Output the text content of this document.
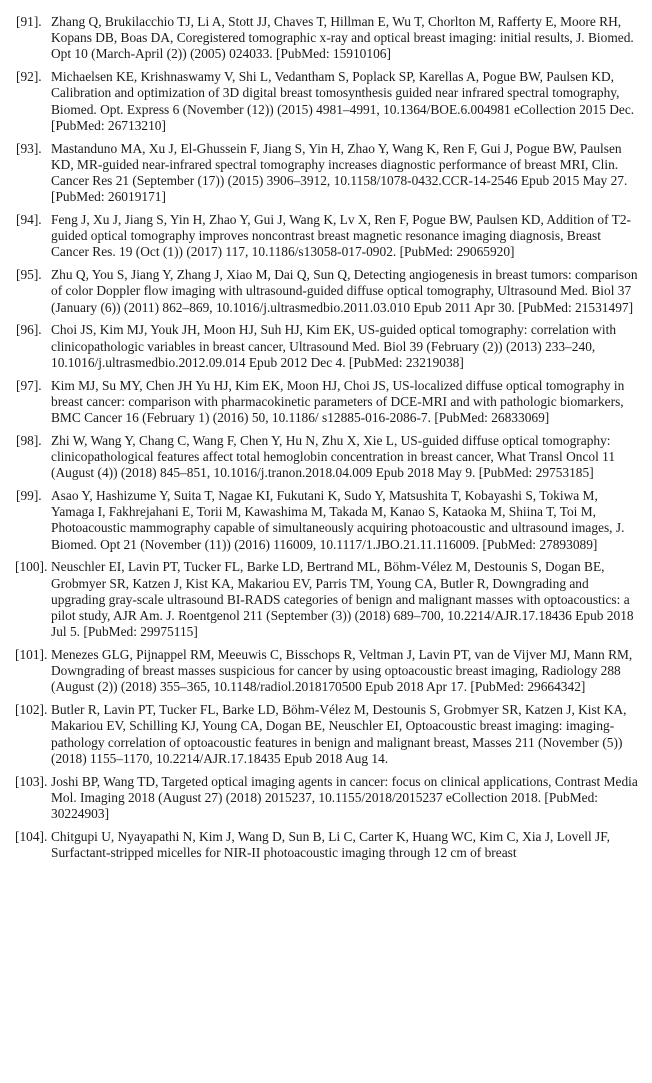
[91]. Zhang Q, Brukilacchio TJ, Li A, Stott JJ, Chaves T, Hillman E, Wu T, Chorlton M, Rafferty E, Moore RH, Kopans DB, Boas DA, Coregistered tomographic x-ray and optical breast imaging: initial results, J. Biomed. Opt 10 (March-April (2)) (2005) 024033. [PubMed: 15910106]
[92]. Michaelsen KE, Krishnaswamy V, Shi L, Vedantham S, Poplack SP, Karellas A, Pogue BW, Paulsen KD, Calibration and optimization of 3D digital breast tomosynthesis guided near infrared spectral tomography, Biomed. Opt. Express 6 (November (12)) (2015) 4981–4991, 10.1364/BOE.6.004981 eCollection 2015 Dec. [PubMed: 26713210]
[93]. Mastanduno MA, Xu J, El-Ghussein F, Jiang S, Yin H, Zhao Y, Wang K, Ren F, Gui J, Pogue BW, Paulsen KD, MR-guided near-infrared spectral tomography increases diagnostic performance of breast MRI, Clin. Cancer Res 21 (September (17)) (2015) 3906–3912, 10.1158/1078-0432.CCR-14-2546 Epub 2015 May 27. [PubMed: 26019171]
[94]. Feng J, Xu J, Jiang S, Yin H, Zhao Y, Gui J, Wang K, Lv X, Ren F, Pogue BW, Paulsen KD, Addition of T2-guided optical tomography improves noncontrast breast magnetic resonance imaging diagnosis, Breast Cancer Res. 19 (Oct (1)) (2017) 117, 10.1186/s13058-017-0902. [PubMed: 29065920]
[95]. Zhu Q, You S, Jiang Y, Zhang J, Xiao M, Dai Q, Sun Q, Detecting angiogenesis in breast tumors: comparison of color Doppler flow imaging with ultrasound-guided diffuse optical tomography, Ultrasound Med. Biol 37 (January (6)) (2011) 862–869, 10.1016/j.ultrasmedbio.2011.03.010 Epub 2011 Apr 30. [PubMed: 21531497]
[96]. Choi JS, Kim MJ, Youk JH, Moon HJ, Suh HJ, Kim EK, US-guided optical tomography: correlation with clinicopathologic variables in breast cancer, Ultrasound Med. Biol 39 (February (2)) (2013) 233–240, 10.1016/j.ultrasmedbio.2012.09.014 Epub 2012 Dec 4. [PubMed: 23219038]
[97]. Kim MJ, Su MY, Chen JH Yu HJ, Kim EK, Moon HJ, Choi JS, US-localized diffuse optical tomography in breast cancer: comparison with pharmacokinetic parameters of DCE-MRI and with pathologic biomarkers, BMC Cancer 16 (February 1) (2016) 50, 10.1186/ s12885-016-2086-7. [PubMed: 26833069]
[98]. Zhi W, Wang Y, Chang C, Wang F, Chen Y, Hu N, Zhu X, Xie L, US-guided diffuse optical tomography: clinicopathological features affect total hemoglobin concentration in breast cancer, What Transl Oncol 11 (August (4)) (2018) 845–851, 10.1016/j.tranon.2018.04.009 Epub 2018 May 9. [PubMed: 29753185]
[99]. Asao Y, Hashizume Y, Suita T, Nagae KI, Fukutani K, Sudo Y, Matsushita T, Kobayashi S, Tokiwa M, Yamaga I, Fakhrejahani E, Torii M, Kawashima M, Takada M, Kanao S, Kataoka M, Shiina T, Toi M, Photoacoustic mammography capable of simultaneously acquiring photoacoustic and ultrasound images, J. Biomed. Opt 21 (November (11)) (2016) 116009, 10.1117/1.JBO.21.11.116009. [PubMed: 27893089]
[100]. Neuschler EI, Lavin PT, Tucker FL, Barke LD, Bertrand ML, Böhm-Vélez M, Destounis S, Dogan BE, Grobmyer SR, Katzen J, Kist KA, Makariou EV, Parris TM, Young CA, Butler R, Downgrading and upgrading gray-scale ultrasound BI-RADS categories of benign and malignant masses with optoacoustics: a pilot study, AJR Am. J. Roentgenol 211 (September (3)) (2018) 689–700, 10.2214/AJR.17.18436 Epub 2018 Jul 5. [PubMed: 29975115]
[101]. Menezes GLG, Pijnappel RM, Meeuwis C, Bisschops R, Veltman J, Lavin PT, van de Vijver MJ, Mann RM, Downgrading of breast masses suspicious for cancer by using optoacoustic breast imaging, Radiology 288 (August (2)) (2018) 355–365, 10.1148/radiol.2018170500 Epub 2018 Apr 17. [PubMed: 29664342]
[102]. Butler R, Lavin PT, Tucker FL, Barke LD, Böhm-Vélez M, Destounis S, Grobmyer SR, Katzen J, Kist KA, Makariou EV, Schilling KJ, Young CA, Dogan BE, Neuschler EI, Optoacoustic breast imaging: imaging-pathology correlation of optoacoustic features in benign and malignant breast, Masses 211 (November (5)) (2018) 1155–1170, 10.2214/AJR.17.18435 Epub 2018 Aug 14.
[103]. Joshi BP, Wang TD, Targeted optical imaging agents in cancer: focus on clinical applications, Contrast Media Mol. Imaging 2018 (August 27) (2018) 2015237, 10.1155/2018/2015237 eCollection 2018. [PubMed: 30224903]
[104]. Chitgupi U, Nyayapathi N, Kim J, Wang D, Sun B, Li C, Carter K, Huang WC, Kim C, Xia J, Lovell JF, Surfactant-stripped micelles for NIR-II photoacoustic imaging through 12 cm of breast
